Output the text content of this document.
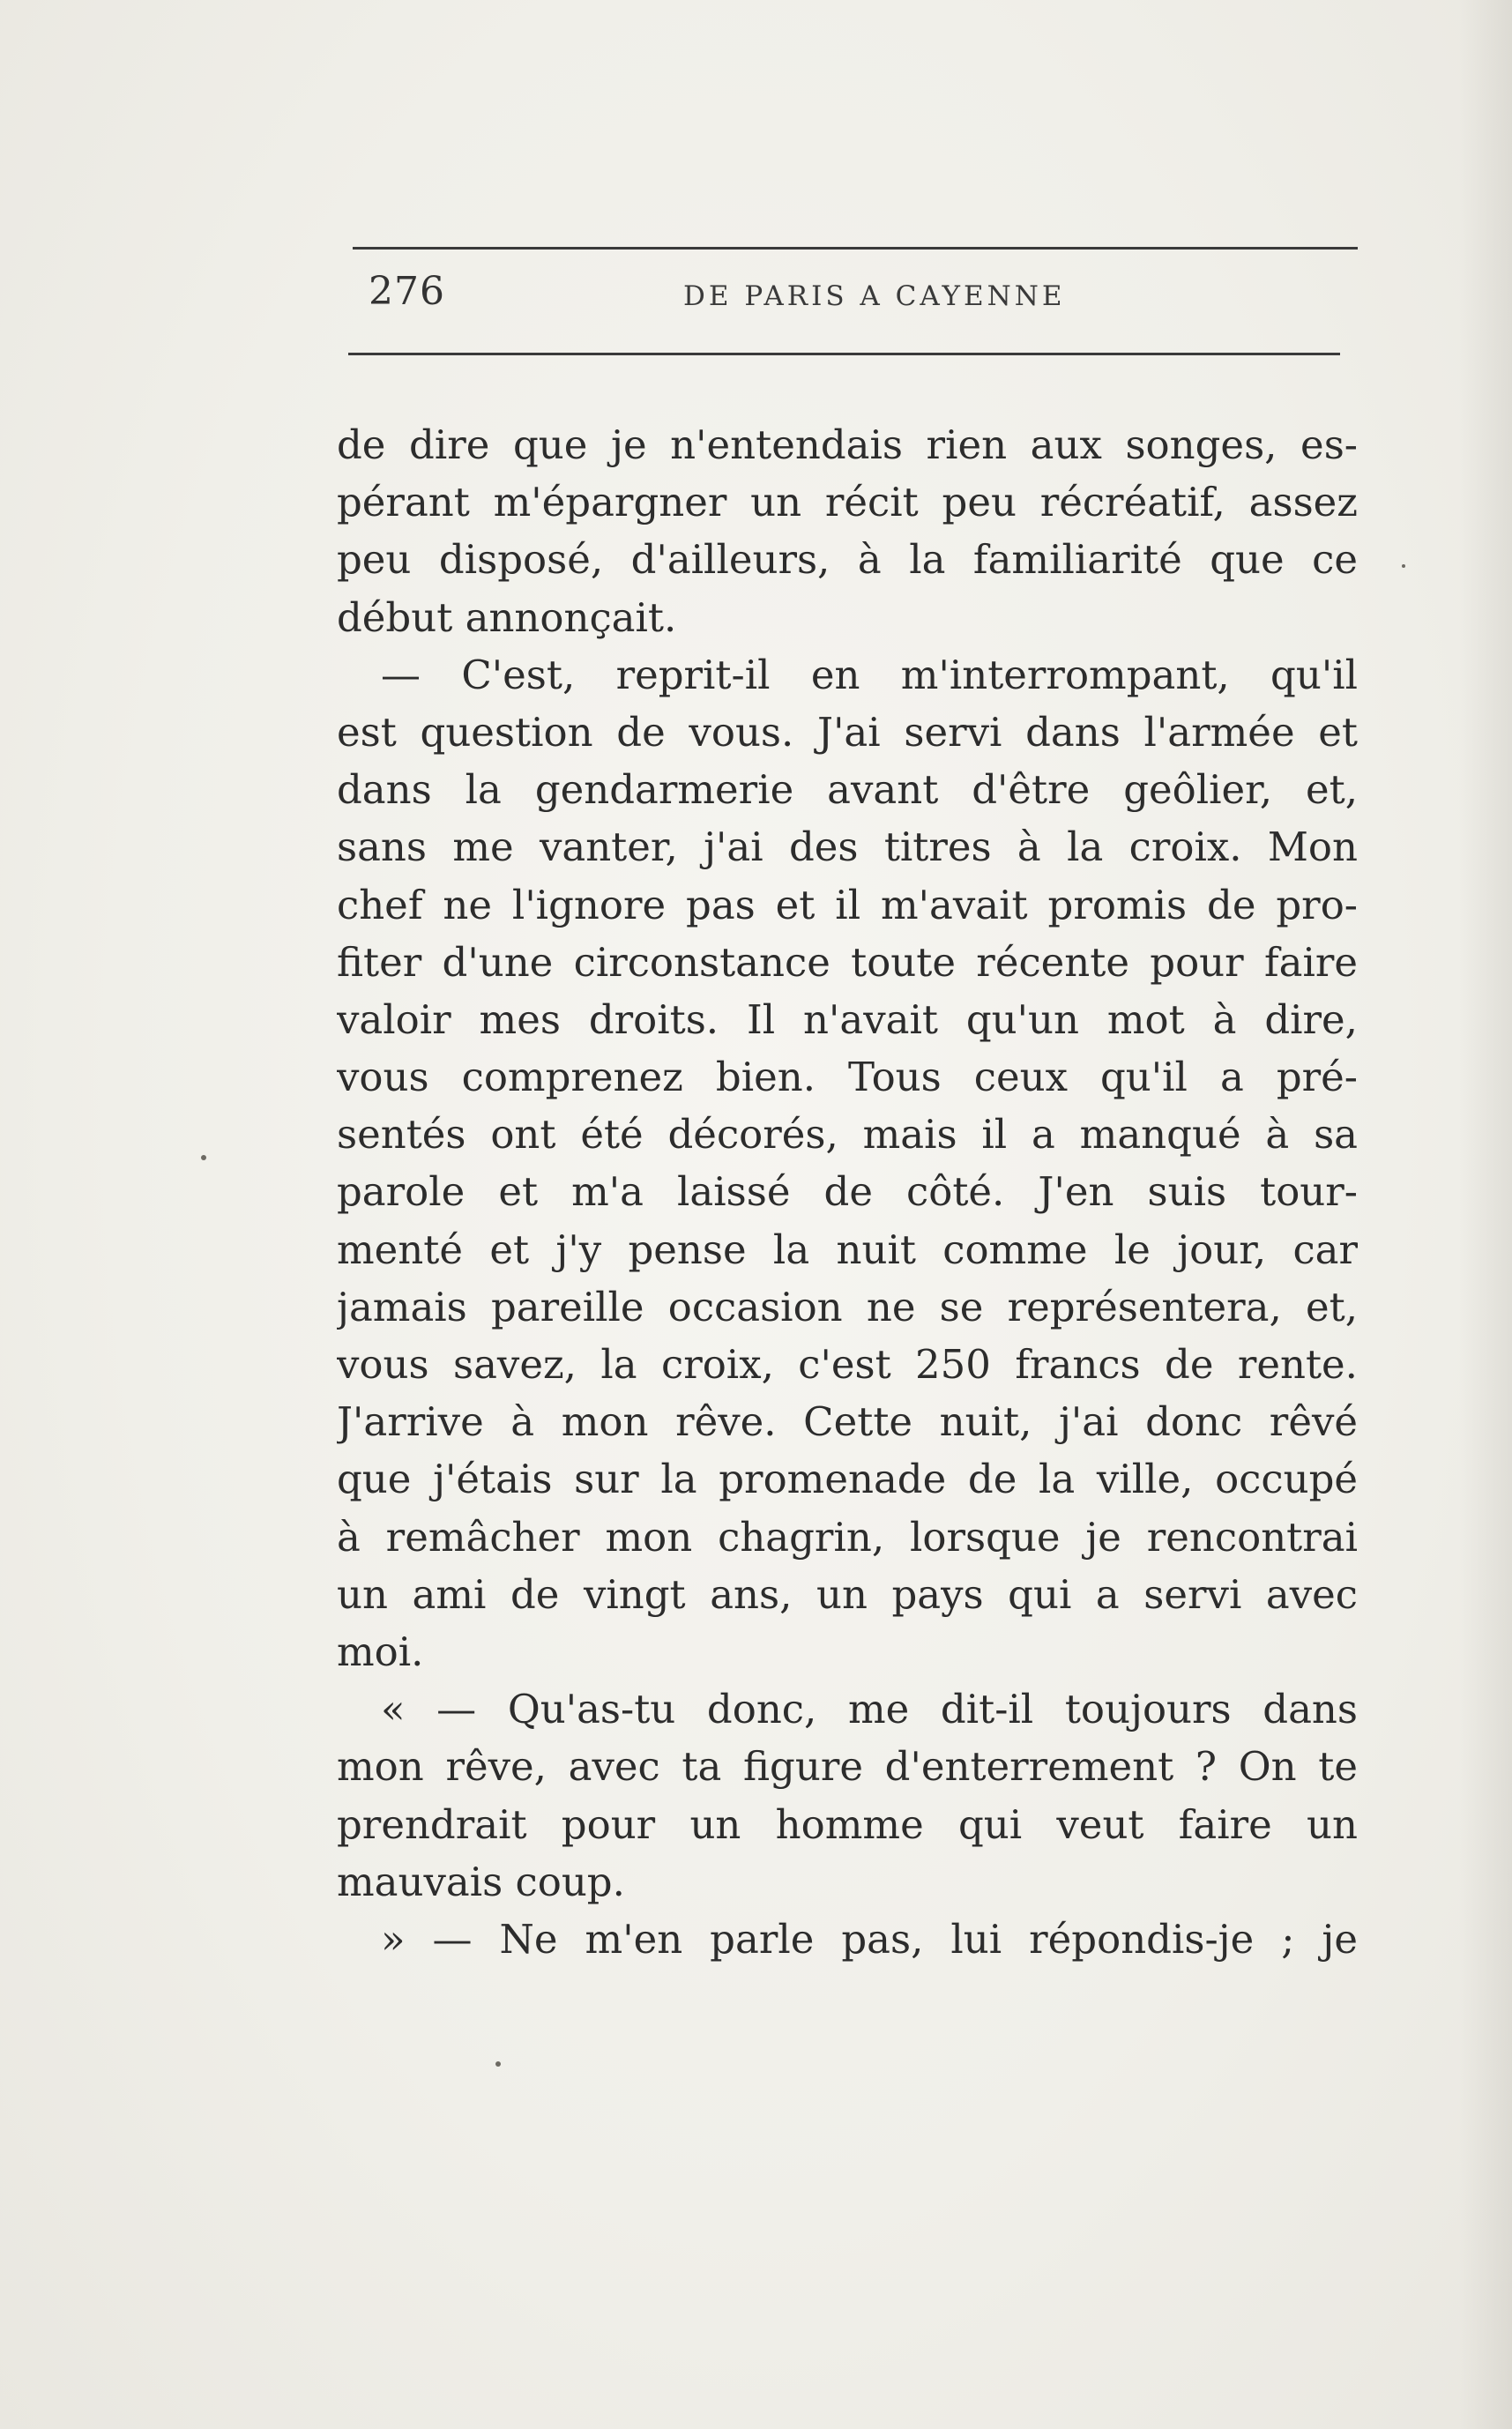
276	DE PARIS A CAYENNE
de dire que je n'entendais rien aux songes, es-
pérant m'épargner un récit peu récréatif, assez
peu disposé, d'ailleurs, à la familiarité que ce
début annonçait.
— C'est, reprit-il en m'interrompant, qu'il
est question de vous. J'ai servi dans l'armée et
dans la gendarmerie avant d'être geôlier, et,
sans me vanter, j'ai des titres à la croix. Mon
chef ne l'ignore pas et il m'avait promis de pro-
fiter d'une circonstance toute récente pour faire
valoir mes droits. Il n'avait qu'un mot à dire,
vous comprenez bien. Tous ceux qu'il a pré-
sentés ont été décorés, mais il a manqué à sa
parole et m'a laissé de côté. J'en suis tour-
menté et j'y pense la nuit comme le jour, car
jamais pareille occasion ne se représentera, et,
vous savez, la croix, c'est 250 francs de rente.
J'arrive à mon rêve. Cette nuit, j'ai donc rêvé
que j'étais sur la promenade de la ville, occupé
à remâcher mon chagrin, lorsque je rencontrai
un ami de vingt ans, un pays qui a servi avec
moi.
« — Qu'as-tu donc, me dit-il toujours dans
mon rêve, avec ta figure d'enterrement ? On te
prendrait pour un homme qui veut faire un
mauvais coup.
» — Ne m'en parle pas, lui répondis-je ; je
